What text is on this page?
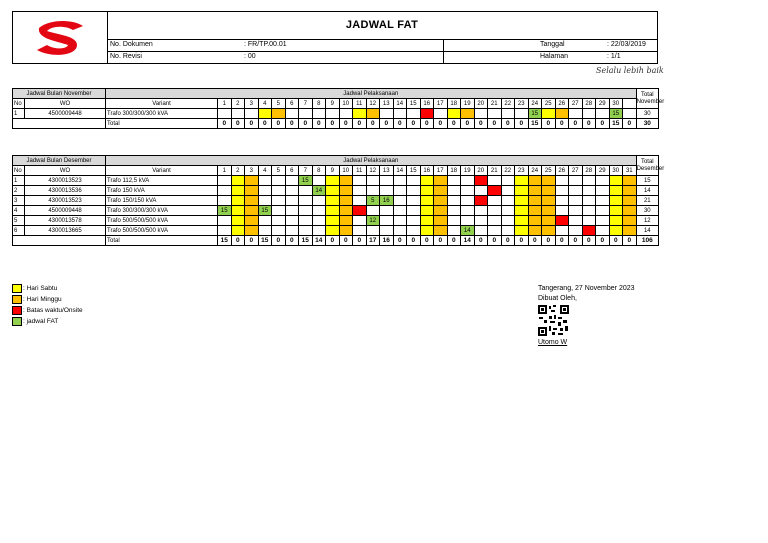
JADWAL FAT
No. Dokumen	: FR/TP.00.01	Tanggal	: 22/03/2019
No. Revisi	: 00	Halaman	: 1/1
Selalu lebih baik
Jadwal Bulan November		Jadwal Pelaksanaan																																Total November
		Variant	1	2	3	4	5	6	7	8	9	10	11	12	13	14	15	16	17	18	19	20	21	22	23	24	25	26	27	28	29	30		
No	WO																																	
1	4500009448	Trafo 300/300/300 kVA																								15						15		30
		Total	0	0	0	0	0	0	0	0	0	0	0	0	0	0	0	0	0	0	0	0	0	0	0	15	0	0	0	0	0	15	0	30
Jadwal Bulan Desember		Jadwal Pelaksanaan																																Total Desember
		Variant	1	2	3	4	5	6	7	8	9	10	11	12	13	14	15	16	17	18	19	20	21	22	23	24	25	26	27	28	29	30	31	
No	WO																																	
1	4300013523	Trafo 112,5 kVA							15																									15
2	4300013536	Trafo 150 kVA								14																								14
3	4300013523	Trafo 150/150 kVA												5	16																			21
4	4500009448	Trafo 300/300/300 kVA	15			15																												30
5	4300013578	Trafo 500/500/500 kVA												12																				12
6	4300013665	Trafo 500/500/500 kVA																			14													14
		Total	15	0	0	15	0	0	15	14	0	0	0	17	16	0	0	0	0	0	14	0	0	0	0	0	0	0	0	0	0	0	0	106
: Hari Sabtu
: Hari Minggu
: Batas waktu/Onsite
: jadwal FAT
Tangerang, 27 November 2023
Dibuat Oleh,
Utomo W
